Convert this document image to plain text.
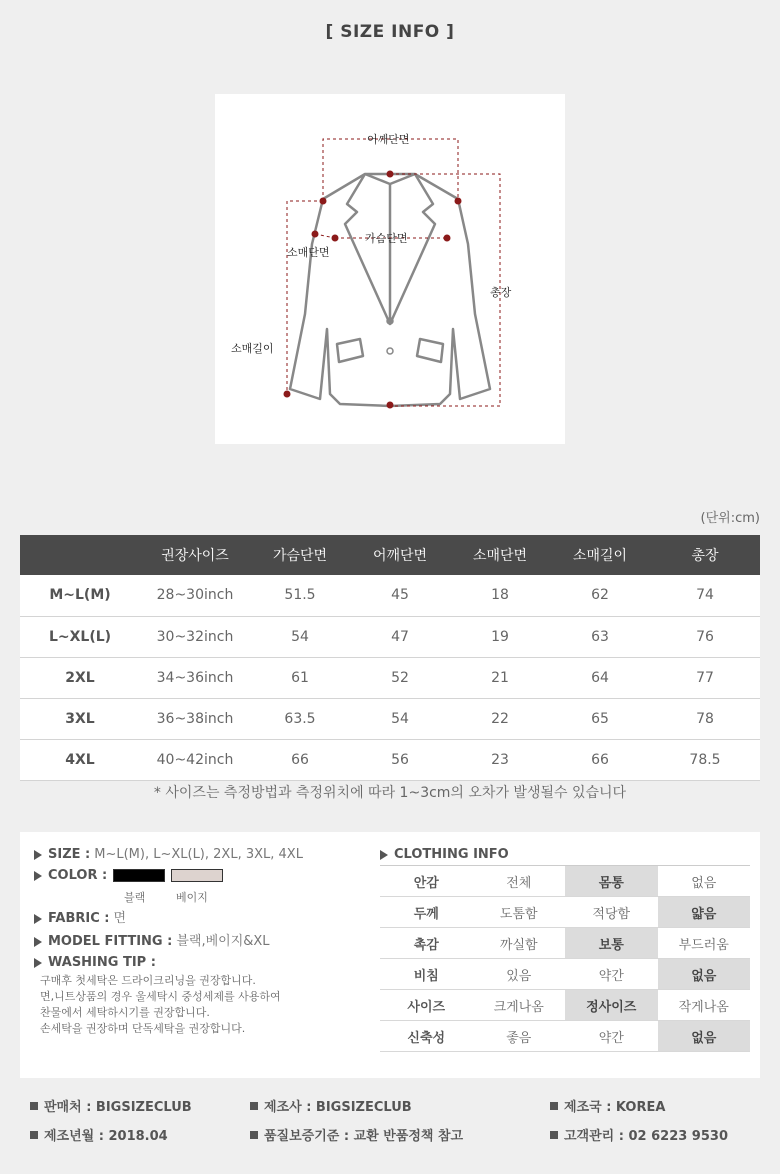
[ SIZE INFO ]
어깨단면
가슴단면
소매단면
총장
소매길이
(단위:cm)
	권장사이즈	가슴단면	어깨단면	소매단면	소매길이	총장
M~L(M)	28~30inch	51.5	45	18	62	74
L~XL(L)	30~32inch	54	47	19	63	76
2XL	34~36inch	61	52	21	64	77
3XL	36~38inch	63.5	54	22	65	78
4XL	40~42inch	66	56	23	66	78.5
* 사이즈는 측정방법과 측정위치에 따라 1~3cm의 오차가 발생될수 있습니다
SIZE : M~L(M), L~XL(L), 2XL, 3XL, 4XL
COLOR :
블랙	베이지
FABRIC : 면
MODEL FITTING : 블랙,베이지&XL
WASHING TIP :
구매후 첫세탁은 드라이크리닝을 권장합니다.
면,니트상품의 경우 울세탁시 중성세제를 사용하여
찬물에서 세탁하시기를 권장합니다.
손세탁을 권장하며 단독세탁을 권장합니다.
CLOTHING INFO
안감	전체	몸통	없음
두께	도톰함	적당함	얇음
촉감	까실함	보통	부드러움
비침	있음	약간	없음
사이즈	크게나옴	정사이즈	작게나옴
신축성	좋음	약간	없음
판매처 : BIGSIZECLUB	제조사 : BIGSIZECLUB	제조국 : KOREA
제조년월 : 2018.04	품질보증기준 : 교환 반품정책 참고	고객관리 : 02 6223 9530
